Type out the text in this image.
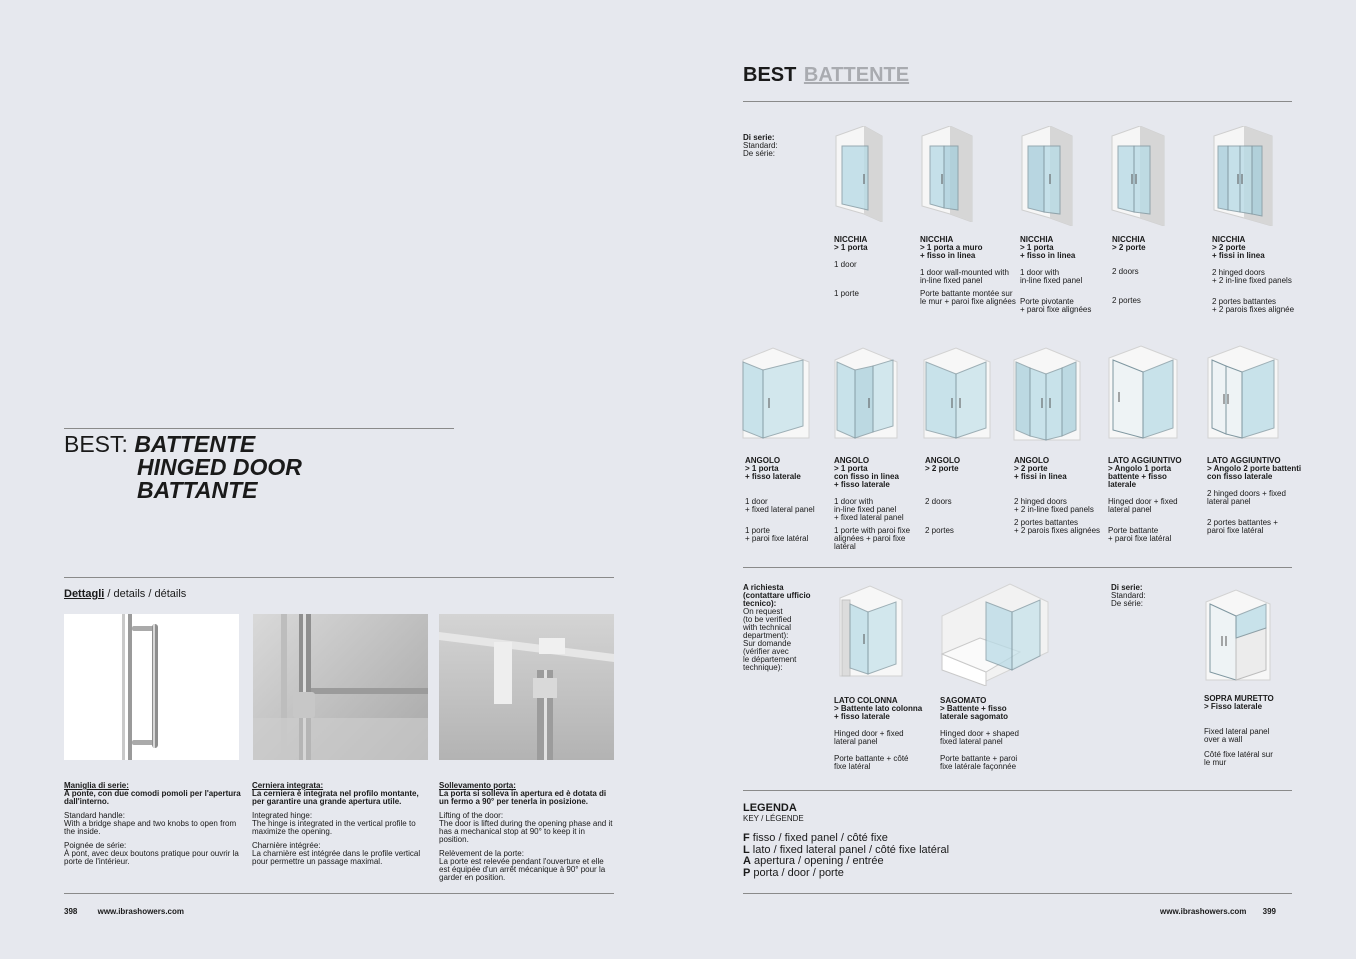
BEST: BATTENTE
HINGED DOOR
BATTANTE
Dettagli / details / détails

Maniglia di serie:
A ponte, con due comodi pomoli per l'apertura dall'interno.

Standard handle:
With a bridge shape and two knobs to open from the inside.

Poignée de série:
À pont, avec deux boutons pratique pour ouvrir la porte de l'intérieur.

Cerniera integrata:
La cerniera è integrata nel profilo montante, per garantire una grande apertura utile.

Integrated hinge:
The hinge is integrated in the vertical profile to maximize the opening.

Charnière intégrée:
La charnière est intégrée dans le profile vertical pour permettre un passage maximal.

Sollevamento porta:
La porta si solleva in apertura ed è dotata di un fermo a 90° per tenerla in posizione.

Lifting of the door:
The door is lifted during the opening phase and it has a mechanical stop at 90° to keep it in position.

Relèvement de la porte:
La porte est relevée pendant l'ouverture et elle est équipée d'un arrêt mécanique à 90° pour la garder en position.

398	www.ibrashowers.com
BEST BATTENTE
Di serie:
Standard:
De série:
NICCHIA
> 1 porta
1 door
1 porte
NICCHIA
> 1 porta a muro
+ fisso in linea
1 door wall-mounted with in-line fixed panel
Porte battante montée sur le mur + paroi fixe alignées
NICCHIA
> 1 porta
+ fisso in linea
1 door with
in-line fixed panel
Porte pivotante
+ paroi fixe alignées
NICCHIA
> 2 porte
2 doors
2 portes
NICCHIA
> 2 porte
+ fissi in linea
2 hinged doors
+ 2 in-line fixed panels
2 portes battantes
+ 2 parois fixes alignée
ANGOLO
> 1 porta
+ fisso laterale
1 door
+ fixed lateral panel
1 porte
+ paroi fixe latéral
ANGOLO
> 1 porta
con fisso in linea
+ fisso laterale
1 door with
in-line fixed panel
+ fixed lateral panel
1 porte with paroi fixe alignées + paroi fixe latéral
ANGOLO
> 2 porte
2 doors
2 portes
ANGOLO
> 2 porte
+ fissi in linea
2 hinged doors
+ 2 in-line fixed panels
2 portes battantes
+ 2 parois fixes alignées
LATO AGGIUNTIVO
> Angolo 1 porta battente + fisso laterale
Hinged door + fixed lateral panel
Porte battante
+ paroi fixe latéral
LATO AGGIUNTIVO
> Angolo 2 porte battenti con fisso laterale
2 hinged doors + fixed lateral panel
2 portes battantes +
paroi fixe latéral
A richiesta
(contattare ufficio tecnico):
On request
(to be verified
with technical
department):
Sur domande
(vérifier avec
le département
technique):
LATO COLONNA
> Battente lato colonna
+ fisso laterale
Hinged door + fixed
lateral panel
Porte battante + côté
fixe latéral
SAGOMATO
> Battente + fisso
laterale sagomato
Hinged door + shaped
fixed lateral panel
Porte battante + paroi
fixe latérale façonnée
Di serie:
Standard:
De série:
SOPRA MURETTO
> Fisso laterale
Fixed lateral panel
over a wall
Côté fixe latéral sur
le mur
LEGENDA
KEY / LÉGENDE
F fisso / fixed panel / côté fixe
L lato / fixed lateral panel / côté fixe latéral
A apertura / opening / entrée
P porta / door / porte
www.ibrashowers.com 399
